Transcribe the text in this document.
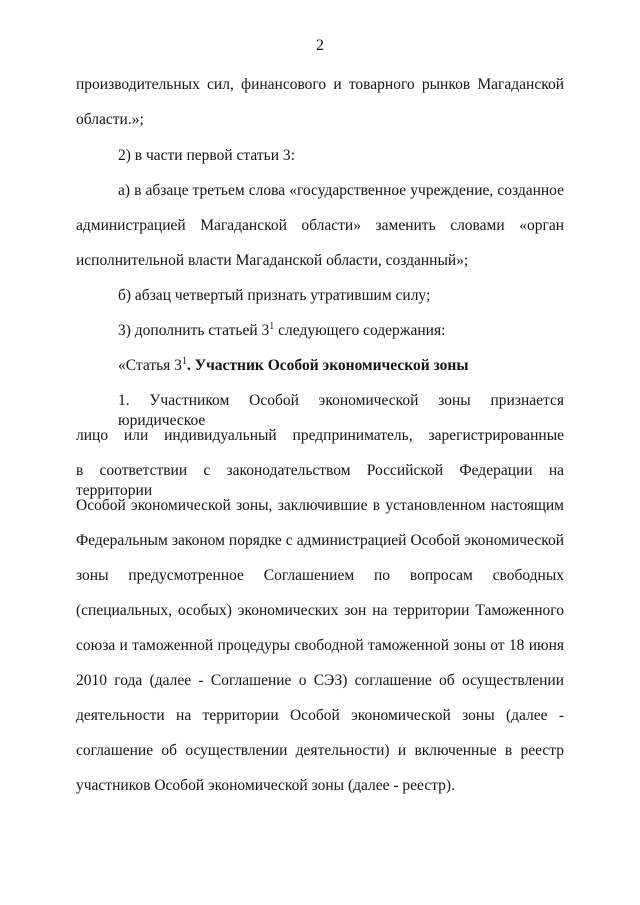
2
производительных сил, финансового и товарного рынков Магаданской
области.»;
2) в части первой статьи 3:
а) в абзаце третьем слова «государственное учреждение, созданное
администрацией Магаданской области» заменить словами «орган
исполнительной власти Магаданской области, созданный»;
б) абзац четвертый признать утратившим силу;
3) дополнить статьей $3^1$ следующего содержания:
«Статья $3^1$. Участник Особой экономической зоны
1. Участником Особой экономической зоны признается юридическое
лицо или индивидуальный предприниматель, зарегистрированные
в соответствии с законодательством Российской Федерации на территории
Особой экономической зоны, заключившие в установленном настоящим
Федеральным законом порядке с администрацией Особой экономической
зоны предусмотренное Соглашением по вопросам свободных
(специальных, особых) экономических зон на территории Таможенного
союза и таможенной процедуры свободной таможенной зоны от 18 июня
2010 года (далее - Соглашение о СЭЗ) соглашение об осуществлении
деятельности на территории Особой экономической зоны (далее -
соглашение об осуществлении деятельности) и включенные в реестр
участников Особой экономической зоны (далее - реестр).
